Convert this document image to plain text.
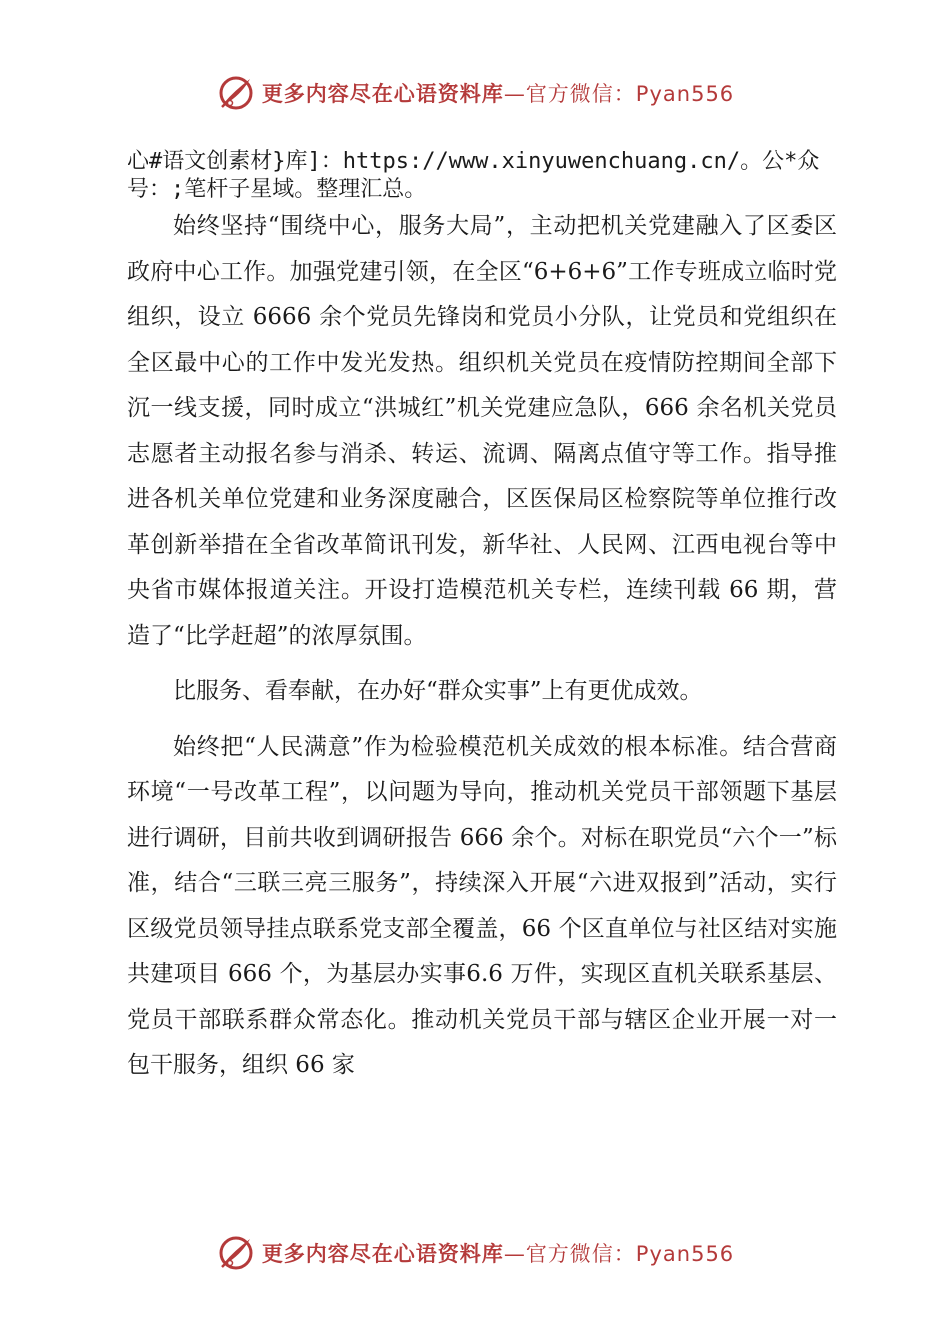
更多内容尽在心语资料库—官方微信：Pyan556

心#语文创素材}库]：https://www.xinyuwenchuang.cn/。公*众号：;笔杆子星域。整理汇总。

始终坚持“围绕中心，服务大局”，主动把机关党建融入了区委区政府中心工作。加强党建引领，在全区“6+6+6”工作专班成立临时党组织，设立 6666 余个党员先锋岗和党员小分队，让党员和党组织在全区最中心的工作中发光发热。组织机关党员在疫情防控期间全部下沉一线支援，同时成立“洪城红”机关党建应急队，666 余名机关党员志愿者主动报名参与消杀、转运、流调、隔离点值守等工作。指导推进各机关单位党建和业务深度融合，区医保局区检察院等单位推行改革创新举措在全省改革简讯刊发，新华社、人民网、江西电视台等中央省市媒体报道关注。开设打造模范机关专栏，连续刊载 66 期，营造了“比学赶超”的浓厚氛围。

比服务、看奉献，在办好“群众实事”上有更优成效。

始终把“人民满意”作为检验模范机关成效的根本标准。结合营商环境“一号改革工程”，以问题为导向，推动机关党员干部领题下基层进行调研，目前共收到调研报告 666 余个。对标在职党员“六个一”标准，结合“三联三亮三服务”，持续深入开展“六进双报到”活动，实行区级党员领导挂点联系党支部全覆盖，66 个区直单位与社区结对实施共建项目 666 个，为基层办实事6.6 万件，实现区直机关联系基层、党员干部联系群众常态化。推动机关党员干部与辖区企业开展一对一包干服务，组织 66 家

更多内容尽在心语资料库—官方微信：Pyan556
